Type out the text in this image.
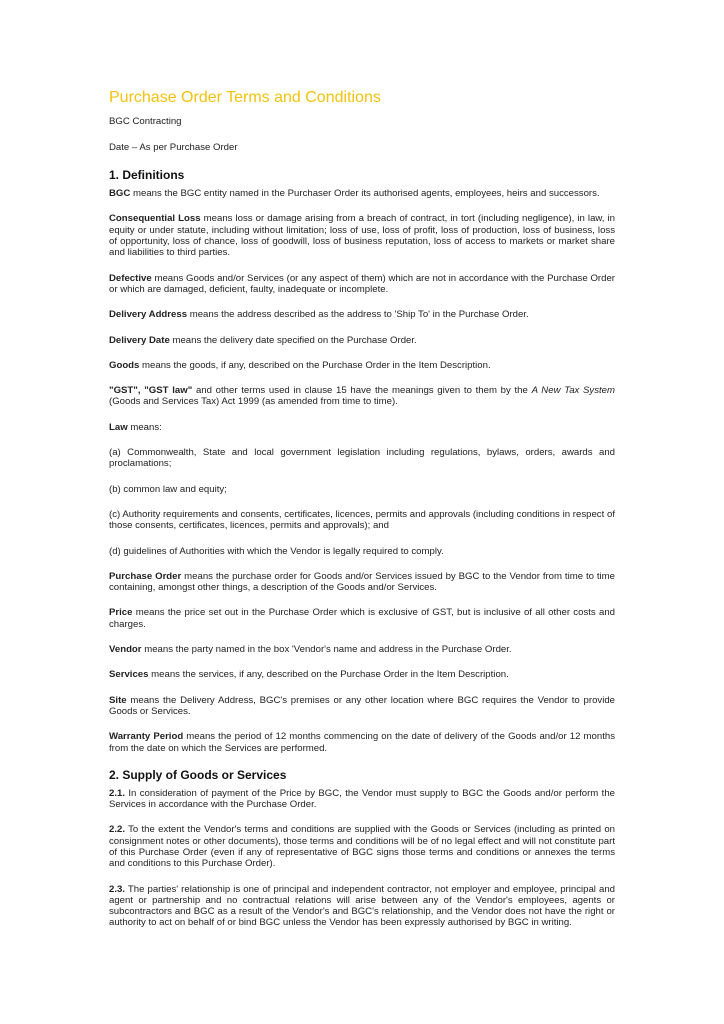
Purchase Order Terms and Conditions
BGC Contracting
Date – As per Purchase Order
1. Definitions

BGC means the BGC entity named in the Purchaser Order its authorised agents, employees, heirs and successors.

Consequential Loss means loss or damage arising from a breach of contract, in tort (including negligence), in law, in equity or under statute, including without limitation; loss of use, loss of profit, loss of production, loss of business, loss of opportunity, loss of chance, loss of goodwill, loss of business reputation, loss of access to markets or market share and liabilities to third parties.

Defective means Goods and/or Services (or any aspect of them) which are not in accordance with the Purchase Order or which are damaged, deficient, faulty, inadequate or incomplete.

Delivery Address means the address described as the address to 'Ship To' in the Purchase Order.

Delivery Date means the delivery date specified on the Purchase Order.

Goods means the goods, if any, described on the Purchase Order in the Item Description.

"GST", "GST law" and other terms used in clause 15 have the meanings given to them by the A New Tax System (Goods and Services Tax) Act 1999 (as amended from time to time).

Law means:

(a) Commonwealth, State and local government legislation including regulations, bylaws, orders, awards and proclamations;

(b) common law and equity;

(c) Authority requirements and consents, certificates, licences, permits and approvals (including conditions in respect of those consents, certificates, licences, permits and approvals); and

(d) guidelines of Authorities with which the Vendor is legally required to comply.

Purchase Order means the purchase order for Goods and/or Services issued by BGC to the Vendor from time to time containing, amongst other things, a description of the Goods and/or Services.

Price means the price set out in the Purchase Order which is exclusive of GST, but is inclusive of all other costs and charges.

Vendor means the party named in the box 'Vendor's name and address in the Purchase Order.

Services means the services, if any, described on the Purchase Order in the Item Description.

Site means the Delivery Address, BGC's premises or any other location where BGC requires the Vendor to provide Goods or Services.

Warranty Period means the period of 12 months commencing on the date of delivery of the Goods and/or 12 months from the date on which the Services are performed.

2. Supply of Goods or Services

2.1. In consideration of payment of the Price by BGC, the Vendor must supply to BGC the Goods and/or perform the Services in accordance with the Purchase Order.

2.2. To the extent the Vendor's terms and conditions are supplied with the Goods or Services (including as printed on consignment notes or other documents), those terms and conditions will be of no legal effect and will not constitute part of this Purchase Order (even if any of representative of BGC signs those terms and conditions or annexes the terms and conditions to this Purchase Order).

2.3. The parties' relationship is one of principal and independent contractor, not employer and employee, principal and agent or partnership and no contractual relations will arise between any of the Vendor's employees, agents or subcontractors and BGC as a result of the Vendor's and BGC's relationship, and the Vendor does not have the right or authority to act on behalf of or bind BGC unless the Vendor has been expressly authorised by BGC in writing.
